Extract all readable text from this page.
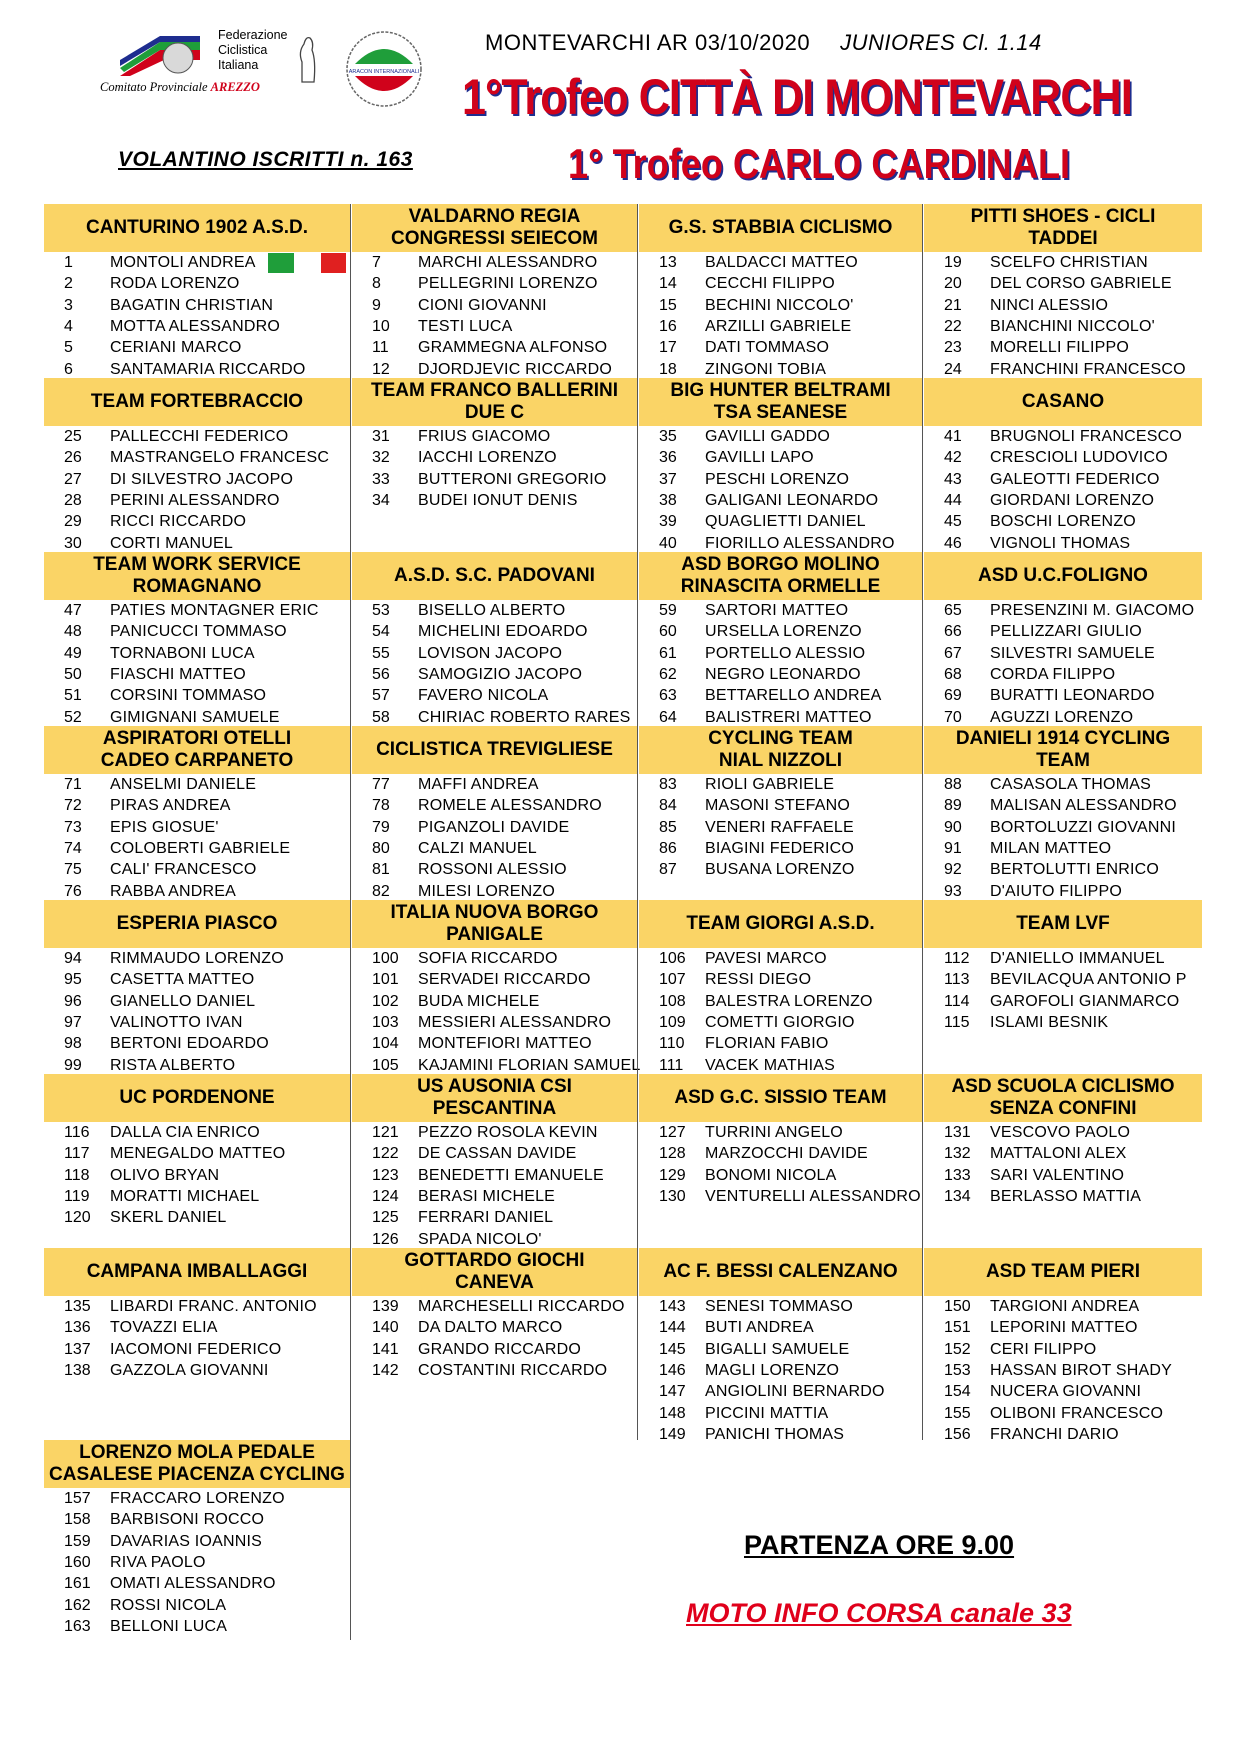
Federazione
Ciclistica
Italiana
Comitato Provinciale AREZZO
ARACON INTERNAZIONALI
MONTEVARCHI AR 03/10/2020 JUNIORES Cl. 1.14
1°Trofeo CITTÀ DI MONTEVARCHI
1° Trofeo CARLO CARDINALI
VOLANTINO ISCRITTI n. 163
CANTURINO 1902 A.S.D.
1	MONTOLI ANDREA
2	RODA LORENZO
3	BAGATIN CHRISTIAN
4	MOTTA ALESSANDRO
5	CERIANI MARCO
6	SANTAMARIA RICCARDO
VALDARNO REGIA
CONGRESSI SEIECOM
7	MARCHI ALESSANDRO
8	PELLEGRINI LORENZO
9	CIONI GIOVANNI
10	TESTI LUCA
11	GRAMMEGNA ALFONSO
12	DJORDJEVIC RICCARDO
G.S. STABBIA CICLISMO
13	BALDACCI MATTEO
14	CECCHI FILIPPO
15	BECHINI NICCOLO'
16	ARZILLI GABRIELE
17	DATI TOMMASO
18	ZINGONI TOBIA
PITTI SHOES - CICLI
TADDEI
19	SCELFO CHRISTIAN
20	DEL CORSO GABRIELE
21	NINCI ALESSIO
22	BIANCHINI NICCOLO'
23	MORELLI FILIPPO
24	FRANCHINI FRANCESCO
TEAM FORTEBRACCIO
25	PALLECCHI FEDERICO
26	MASTRANGELO FRANCESC
27	DI SILVESTRO JACOPO
28	PERINI ALESSANDRO
29	RICCI RICCARDO
30	CORTI MANUEL
TEAM FRANCO BALLERINI
DUE C
31	FRIUS GIACOMO
32	IACCHI LORENZO
33	BUTTERONI GREGORIO
34	BUDEI IONUT DENIS
BIG HUNTER BELTRAMI
TSA SEANESE
35	GAVILLI GADDO
36	GAVILLI LAPO
37	PESCHI LORENZO
38	GALIGANI LEONARDO
39	QUAGLIETTI DANIEL
40	FIORILLO ALESSANDRO
CASANO
41	BRUGNOLI FRANCESCO
42	CRESCIOLI LUDOVICO
43	GALEOTTI FEDERICO
44	GIORDANI LORENZO
45	BOSCHI LORENZO
46	VIGNOLI THOMAS
TEAM WORK SERVICE
ROMAGNANO
47	PATIES MONTAGNER ERIC
48	PANICUCCI TOMMASO
49	TORNABONI LUCA
50	FIASCHI MATTEO
51	CORSINI TOMMASO
52	GIMIGNANI SAMUELE
A.S.D. S.C. PADOVANI
53	BISELLO ALBERTO
54	MICHELINI EDOARDO
55	LOVISON JACOPO
56	SAMOGIZIO JACOPO
57	FAVERO NICOLA
58	CHIRIAC ROBERTO RARES
ASD BORGO MOLINO
RINASCITA ORMELLE
59	SARTORI MATTEO
60	URSELLA LORENZO
61	PORTELLO ALESSIO
62	NEGRO LEONARDO
63	BETTARELLO ANDREA
64	BALISTRERI MATTEO
ASD U.C.FOLIGNO
65	PRESENZINI M. GIACOMO
66	PELLIZZARI GIULIO
67	SILVESTRI SAMUELE
68	CORDA FILIPPO
69	BURATTI LEONARDO
70	AGUZZI LORENZO
ASPIRATORI OTELLI
CADEO CARPANETO
71	ANSELMI DANIELE
72	PIRAS ANDREA
73	EPIS GIOSUE'
74	COLOBERTI GABRIELE
75	CALI' FRANCESCO
76	RABBA ANDREA
CICLISTICA TREVIGLIESE
77	MAFFI ANDREA
78	ROMELE ALESSANDRO
79	PIGANZOLI DAVIDE
80	CALZI MANUEL
81	ROSSONI ALESSIO
82	MILESI LORENZO
CYCLING TEAM
NIAL NIZZOLI
83	RIOLI GABRIELE
84	MASONI STEFANO
85	VENERI RAFFAELE
86	BIAGINI FEDERICO
87	BUSANA LORENZO
DANIELI 1914 CYCLING
TEAM
88	CASASOLA THOMAS
89	MALISAN ALESSANDRO
90	BORTOLUZZI GIOVANNI
91	MILAN MATTEO
92	BERTOLUTTI ENRICO
93	D'AIUTO FILIPPO
ESPERIA PIASCO
94	RIMMAUDO LORENZO
95	CASETTA MATTEO
96	GIANELLO DANIEL
97	VALINOTTO IVAN
98	BERTONI EDOARDO
99	RISTA ALBERTO
ITALIA NUOVA BORGO
PANIGALE
100	SOFIA RICCARDO
101	SERVADEI RICCARDO
102	BUDA MICHELE
103	MESSIERI ALESSANDRO
104	MONTEFIORI MATTEO
105	KAJAMINI FLORIAN SAMUEL
TEAM GIORGI A.S.D.
106	PAVESI MARCO
107	RESSI DIEGO
108	BALESTRA LORENZO
109	COMETTI GIORGIO
110	FLORIAN FABIO
111	VACEK MATHIAS
TEAM LVF
112	D'ANIELLO IMMANUEL
113	BEVILACQUA ANTONIO P
114	GAROFOLI GIANMARCO
115	ISLAMI BESNIK
UC PORDENONE
116	DALLA CIA ENRICO
117	MENEGALDO MATTEO
118	OLIVO BRYAN
119	MORATTI MICHAEL
120	SKERL DANIEL
US AUSONIA CSI
PESCANTINA
121	PEZZO ROSOLA KEVIN
122	DE CASSAN DAVIDE
123	BENEDETTI EMANUELE
124	BERASI MICHELE
125	FERRARI DANIEL
126	SPADA NICOLO'
ASD G.C. SISSIO TEAM
127	TURRINI ANGELO
128	MARZOCCHI DAVIDE
129	BONOMI NICOLA
130	VENTURELLI ALESSANDRO
ASD SCUOLA CICLISMO
SENZA CONFINI
131	VESCOVO PAOLO
132	MATTALONI ALEX
133	SARI VALENTINO
134	BERLASSO MATTIA
CAMPANA IMBALLAGGI
135	LIBARDI FRANC. ANTONIO
136	TOVAZZI ELIA
137	IACOMONI FEDERICO
138	GAZZOLA GIOVANNI
GOTTARDO GIOCHI
CANEVA
139	MARCHESELLI RICCARDO
140	DA DALTO MARCO
141	GRANDO RICCARDO
142	COSTANTINI RICCARDO
AC F. BESSI CALENZANO
143	SENESI TOMMASO
144	BUTI ANDREA
145	BIGALLI SAMUELE
146	MAGLI LORENZO
147	ANGIOLINI BERNARDO
148	PICCINI MATTIA
149	PANICHI THOMAS
ASD TEAM PIERI
150	TARGIONI ANDREA
151	LEPORINI MATTEO
152	CERI FILIPPO
153	HASSAN BIROT SHADY
154	NUCERA GIOVANNI
155	OLIBONI FRANCESCO
156	FRANCHI DARIO
LORENZO MOLA PEDALE
CASALESE PIACENZA CYCLING
157	FRACCARO LORENZO
158	BARBISONI ROCCO
159	DAVARIAS IOANNIS
160	RIVA PAOLO
161	OMATI ALESSANDRO
162	ROSSI NICOLA
163	BELLONI LUCA
PARTENZA ORE 9.00
MOTO INFO CORSA canale 33
